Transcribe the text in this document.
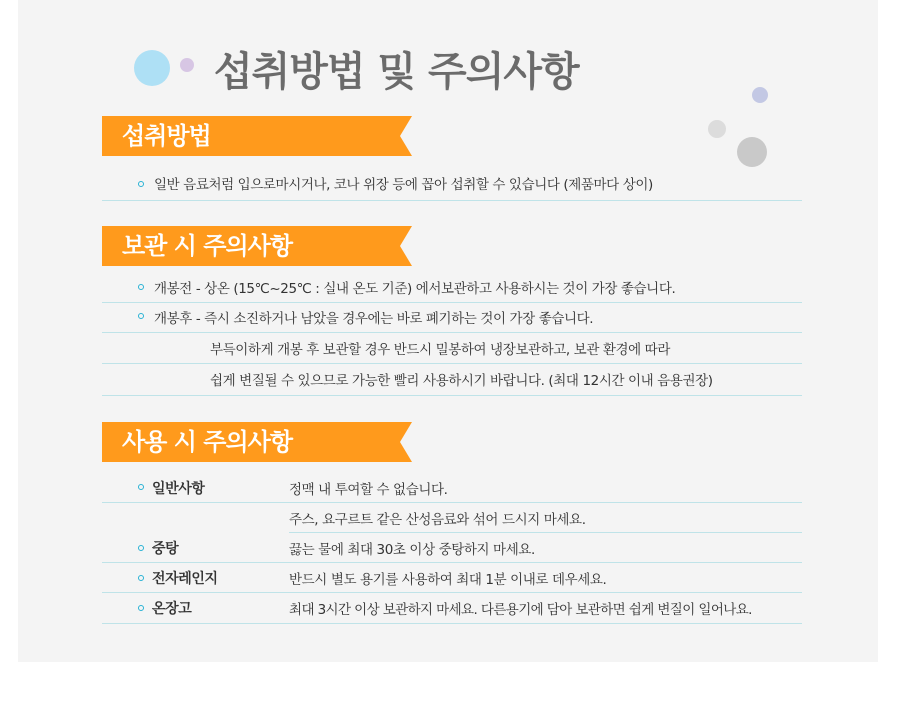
섭취방법 및 주의사항
섭취방법
일반 음료처럼 입으로마시거나, 코나 위장 등에 꼽아 섭취할 수 있습니다 (제품마다 상이)
보관 시 주의사항
개봉전 - 상온 (15℃~25℃ : 실내 온도 기준) 에서보관하고 사용하시는 것이 가장 좋습니다.
개봉후 - 즉시 소진하거나 남았을 경우에는 바로 폐기하는 것이 가장 좋습니다.
부득이하게 개봉 후 보관할 경우 반드시 밀봉하여 냉장보관하고, 보관 환경에 따라
쉽게 변질될 수 있으므로 가능한 빨리 사용하시기 바랍니다. (최대 12시간 이내 음용권장)
사용 시 주의사항
일반사항	정맥 내 투여할 수 없습니다.
주스, 요구르트 같은 산성음료와 섞어 드시지 마세요.
중탕	끓는 물에 최대 30초 이상 중탕하지 마세요.
전자레인지	반드시 별도 용기를 사용하여 최대 1분 이내로 데우세요.
온장고	최대 3시간 이상 보관하지 마세요. 다른용기에 담아 보관하면 쉽게 변질이 일어나요.
